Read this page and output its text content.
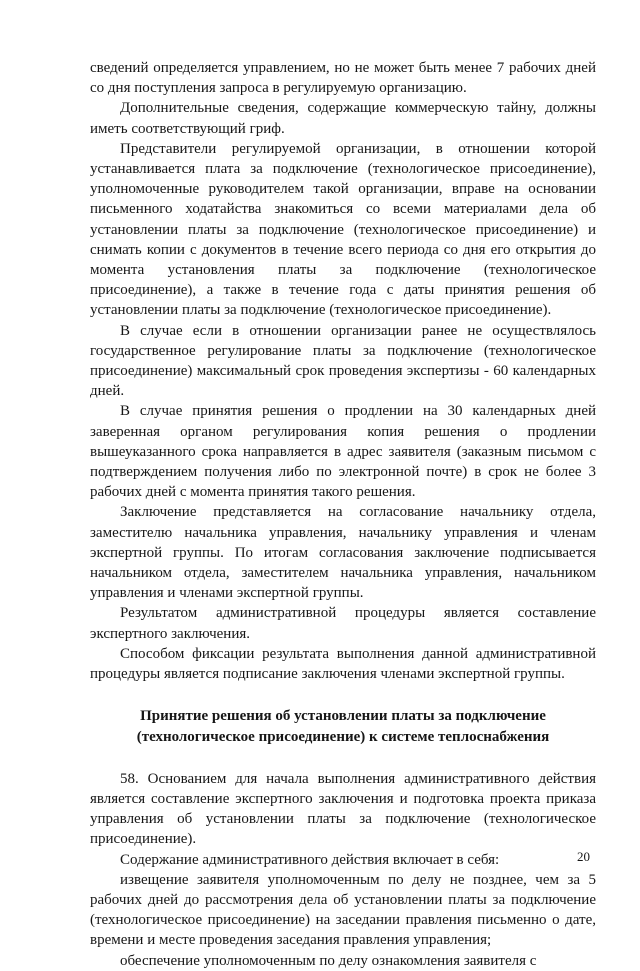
сведений определяется управлением, но не может быть менее 7 рабочих дней со дня поступления запроса в регулируемую организацию.

Дополнительные сведения, содержащие коммерческую тайну, должны иметь соответствующий гриф.

Представители регулируемой организации, в отношении которой устанавливается плата за подключение (технологическое присоединение), уполномоченные руководителем такой организации, вправе на основании письменного ходатайства знакомиться со всеми материалами дела об установлении платы за подключение (технологическое присоединение) и снимать копии с документов в течение всего периода со дня его открытия до момента установления платы за подключение (технологическое присоединение), а также в течение года с даты принятия решения об установлении платы за подключение (технологическое присоединение).

В случае если в отношении организации ранее не осуществлялось государственное регулирование платы за подключение (технологическое присоединение) максимальный срок проведения экспертизы - 60 календарных дней.

В случае принятия решения о продлении на 30 календарных дней заверенная органом регулирования копия решения о продлении вышеуказанного срока направляется в адрес заявителя (заказным письмом с подтверждением получения либо по электронной почте) в срок не более 3 рабочих дней с момента принятия такого решения.

Заключение представляется на согласование начальнику отдела, заместителю начальника управления, начальнику управления и членам экспертной группы. По итогам согласования заключение подписывается начальником отдела, заместителем начальника управления, начальником управления и членами экспертной группы.

Результатом административной процедуры является составление экспертного заключения.

Способом фиксации результата выполнения данной административной процедуры является подписание заключения членами экспертной группы.

Принятие решения об установлении платы за подключение
(технологическое присоединение) к системе теплоснабжения

58. Основанием для начала выполнения административного действия является составление экспертного заключения и подготовка проекта приказа управления об установлении платы за подключение (технологическое присоединение).

Содержание административного действия включает в себя:

извещение заявителя уполномоченным по делу не позднее, чем за 5 рабочих дней до рассмотрения дела об установлении платы за подключение (технологическое присоединение) на заседании правления письменно о дате, времени и месте проведения заседания правления управления;

обеспечение уполномоченным по делу ознакомления заявителя с

20
